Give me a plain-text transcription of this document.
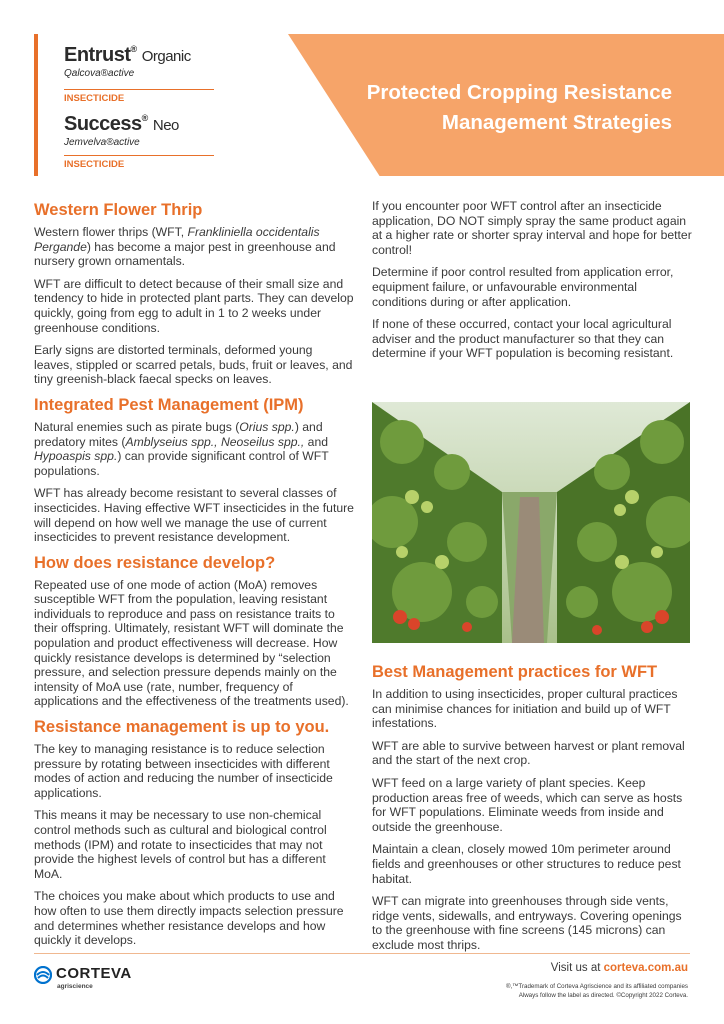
Entrust® Organic
Qalcova®active
INSECTICIDE
Success® Neo
Jemvelva®active
INSECTICIDE
Protected Cropping Resistance
Management Strategies
Western Flower Thrip

Western flower thrips (WFT, Frankliniella occidentalis Pergande) has become a major pest in greenhouse and nursery grown ornamentals.

WFT are difficult to detect because of their small size and tendency to hide in protected plant parts. They can develop quickly, going from egg to adult in 1 to 2 weeks under greenhouse conditions.

Early signs are distorted terminals, deformed young leaves, stippled or scarred petals, buds, fruit or leaves, and tiny greenish-black faecal specks on leaves.

Integrated Pest Management (IPM)

Natural enemies such as pirate bugs (Orius spp.) and predatory mites (Amblyseius spp., Neoseilus spp., and Hypoaspis spp.) can provide significant control of WFT populations.

WFT has already become resistant to several classes of insecticides. Having effective WFT insecticides in the future will depend on how well we manage the use of current insecticides to prevent resistance development.

How does resistance develop?

Repeated use of one mode of action (MoA) removes susceptible WFT from the population, leaving resistant individuals to reproduce and pass on resistance traits to their offspring. Ultimately, resistant WFT will dominate the population and product effectiveness will decrease. How quickly resistance develops is determined by “selection pressure, and selection pressure depends mainly on the intensity of MoA use (rate, number, frequency of applications and the effectiveness of the treatments used).

Resistance management is up to you.

The key to managing resistance is to reduce selection pressure by rotating between insecticides with different modes of action and reducing the number of insecticide applications.

This means it may be necessary to use non-chemical control methods such as cultural and biological control methods (IPM) and rotate to insecticides that may not provide the highest levels of control but has a different MoA.

The choices you make about which products to use and how often to use them directly impacts selection pressure and determines whether resistance develops and how quickly it develops.

If you encounter poor WFT control after an insecticide application, DO NOT simply spray the same product again at a higher rate or shorter spray interval and hope for better control!

Determine if poor control resulted from application error, equipment failure, or unfavourable environmental conditions during or after application.

If none of these occurred, contact your local agricultural adviser and the product manufacturer so that they can determine if your WFT population is becoming resistant.

Best Management practices for WFT

In addition to using insecticides, proper cultural practices can minimise chances for initiation and build up of WFT infestations.

WFT are able to survive between harvest or plant removal and the start of the next crop.

WFT feed on a large variety of plant species. Keep production areas free of weeds, which can serve as hosts for WFT populations. Eliminate weeds from inside and outside the greenhouse.

Maintain a clean, closely mowed 10m perimeter around fields and greenhouses or other structures to reduce pest habitat.

WFT can migrate into greenhouses through side vents, ridge vents, sidewalls, and entryways. Covering openings to the greenhouse with fine screens (145 microns) can exclude most thrips.

CORTEVA
agriscience
Visit us at corteva.com.au
®,™Trademark of Corteva Agriscience and its affiliated companies
Always follow the label as directed. ©Copyright 2022 Corteva.
